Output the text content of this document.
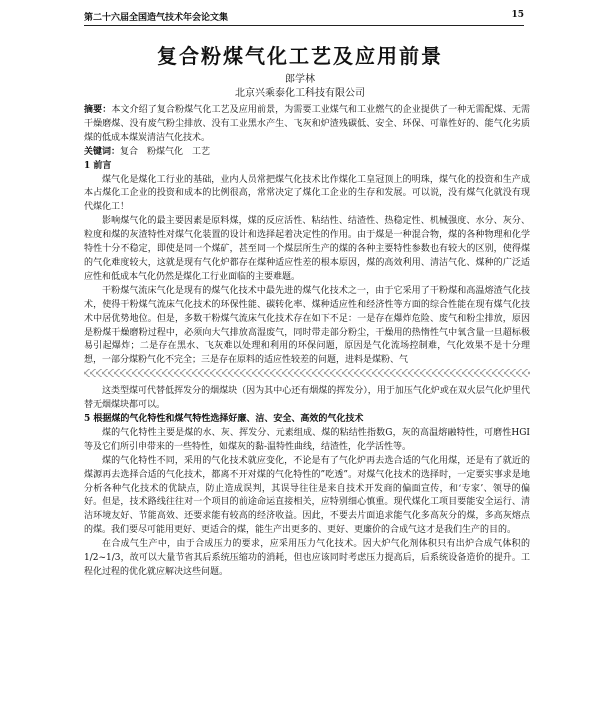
第二十六届全国造气技术年会论文集	15
复合粉煤气化工艺及应用前景
郎学林
北京兴乘泰化工科技有限公司

摘要：本文介绍了复合粉煤气化工艺及应用前景，为需要工业煤气和工业燃气的企业提供了一种无需配煤、无需干燥磨煤、没有废气粉尘排放、没有工业黑水产生、飞灰和炉渣残碳低、安全、环保、可靠性好的、能气化劣质煤的低成本煤炭清洁气化技术。

关键词：复合　粉煤气化　工艺

1 前言

煤气化是煤化工行业的基础，业内人员常把煤气化技术比作煤化工皇冠顶上的明珠，煤气化的投资和生产成本占煤化工企业的投资和成本的比例很高，常常决定了煤化工企业的生存和发展。可以说，没有煤气化就没有现代煤化工！

影响煤气化的最主要因素是原料煤，煤的反应活性、粘结性、结渣性、热稳定性、机械强度、水分、灰分、粒度和煤的灰渣特性对煤气化装置的设计和选择起着决定性的作用。由于煤是一种混合物，煤的各种物理和化学特性十分不稳定，即使是同一个煤矿，甚至同一个煤层所生产的煤的各种主要特性参数也有较大的区别，使得煤的气化难度较大，这就是现有气化炉都存在煤种适应性差的根本原因，煤的高效利用、清洁气化、煤种的广泛适应性和低成本气化仍然是煤化工行业面临的主要难题。

干粉煤气流床气化是现有的煤气化技术中最先进的煤气化技术之一，由于它采用了干粉煤和高温熔渣气化技术，使得干粉煤气流床气化技术的环保性能、碳转化率、煤种适应性和经济性等方面的综合性能在现有煤气化技术中居优势地位。但是，多数干粉煤气流床气化技术存在如下不足：一是存在爆炸危险、废气和粉尘排放，原因是粉煤干燥磨粉过程中，必须向大气排放高湿废气，同时带走部分粉尘，干燥用的热惰性气中氧含量一旦超标极易引起爆炸；二是存在黑水、飞灰难以处理和利用的环保问题，原因是气化流场控制难，气化效果不是十分理想，一部分煤粉气化不完全；三是存在原料的适应性较差的问题，进料是煤粉、气

这类型煤可代替低挥发分的烟煤块（因为其中心还有烟煤的挥发分），用于加压气化炉或在双火层气化炉里代替无烟煤块都可以。

5 根据煤的气化特性和煤气特性选择好廉、洁、安全、高效的气化技术

煤的气化特性主要是煤的水、灰、挥发分、元素组成、煤的粘结性指数G，灰的高温熔融特性，可磨性HGI等及它们所引申带来的一些特性，如煤灰的黏-温特性曲线，结渣性，化学活性等。

煤的气化特性不同，采用的气化技术就应变化，不论是有了气化炉再去选合适的气化用煤，还是有了就近的煤源再去选择合适的气化技术，都离不开对煤的气化特性的”吃透”。对煤气化技术的选择时，一定要实事求是地分析各种气化技术的优缺点，防止造成误判，其误导往往是来自技术开发商的偏面宣传，和‘专家’、领导的偏好。但是，技术路线往往对一个项目的前途命运直接相关，应特别细心慎重。现代煤化工项目要能安全运行、清洁环境友好、节能高效、还要求能有较高的经济收益。因此，不要去片面追求能气化多高灰分的煤，多高灰熔点的煤。我们要尽可能用更好、更适合的煤，能生产出更多的、更好、更廉价的合成气这才是我们生产的目的。

在合成气生产中，由于合成压力的要求，应采用压力气化技术。因大炉气化剂体积只有出炉合成气体积的1/2~1/3，故可以大量节省其后系统压缩功的消耗，但也应该同时考虑压力提高后，后系统设备造价的提升。工程化过程的优化就应解决这些问题。
